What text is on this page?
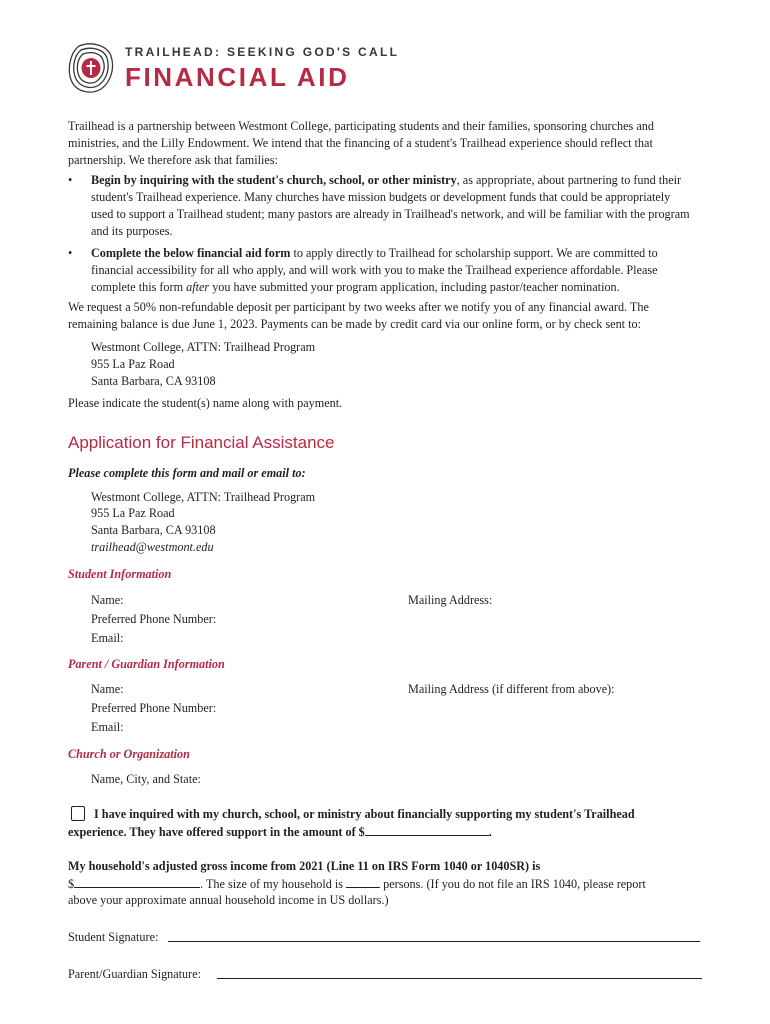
TRAILHEAD: SEEKING GOD'S CALL
FINANCIAL AID
Trailhead is a partnership between Westmont College, participating students and their families, sponsoring churches and ministries, and the Lilly Endowment. We intend that the financing of a student's Trailhead experience should reflect that partnership. We therefore ask that families:
•	Begin by inquiring with the student's church, school, or other ministry, as appropriate, about partnering to fund their student's Trailhead experience. Many churches have mission budgets or development funds that could be appropriately used to support a Trailhead student; many pastors are already in Trailhead's network, and will be familiar with the program and its purposes.
•	Complete the below financial aid form to apply directly to Trailhead for scholarship support. We are committed to financial accessibility for all who apply, and will work with you to make the Trailhead experience affordable. Please complete this form after you have submitted your program application, including pastor/teacher nomination.
We request a 50% non-refundable deposit per participant by two weeks after we notify you of any financial award. The remaining balance is due June 1, 2023. Payments can be made by credit card via our online form, or by check sent to:
Westmont College, ATTN: Trailhead Program
955 La Paz Road
Santa Barbara, CA 93108
Please indicate the student(s) name along with payment.
Application for Financial Assistance
Please complete this form and mail or email to:
Westmont College, ATTN: Trailhead Program
955 La Paz Road
Santa Barbara, CA 93108
trailhead@westmont.edu
Student Information
Name:	Mailing Address:
Preferred Phone Number:
Email:
Parent / Guardian Information
Name:	Mailing Address (if different from above):
Preferred Phone Number:
Email:
Church or Organization
Name, City, and State:
I have inquired with my church, school, or ministry about financially supporting my student's Trailhead
experience. They have offered support in the amount of $	.
My household's adjusted gross income from 2021 (Line 11 on IRS Form 1040 or 1040SR) is
$	. The size of my household is	persons. (If you do not file an IRS 1040, please report
above your approximate annual household income in US dollars.)
Student Signature:
Parent/Guardian Signature:
